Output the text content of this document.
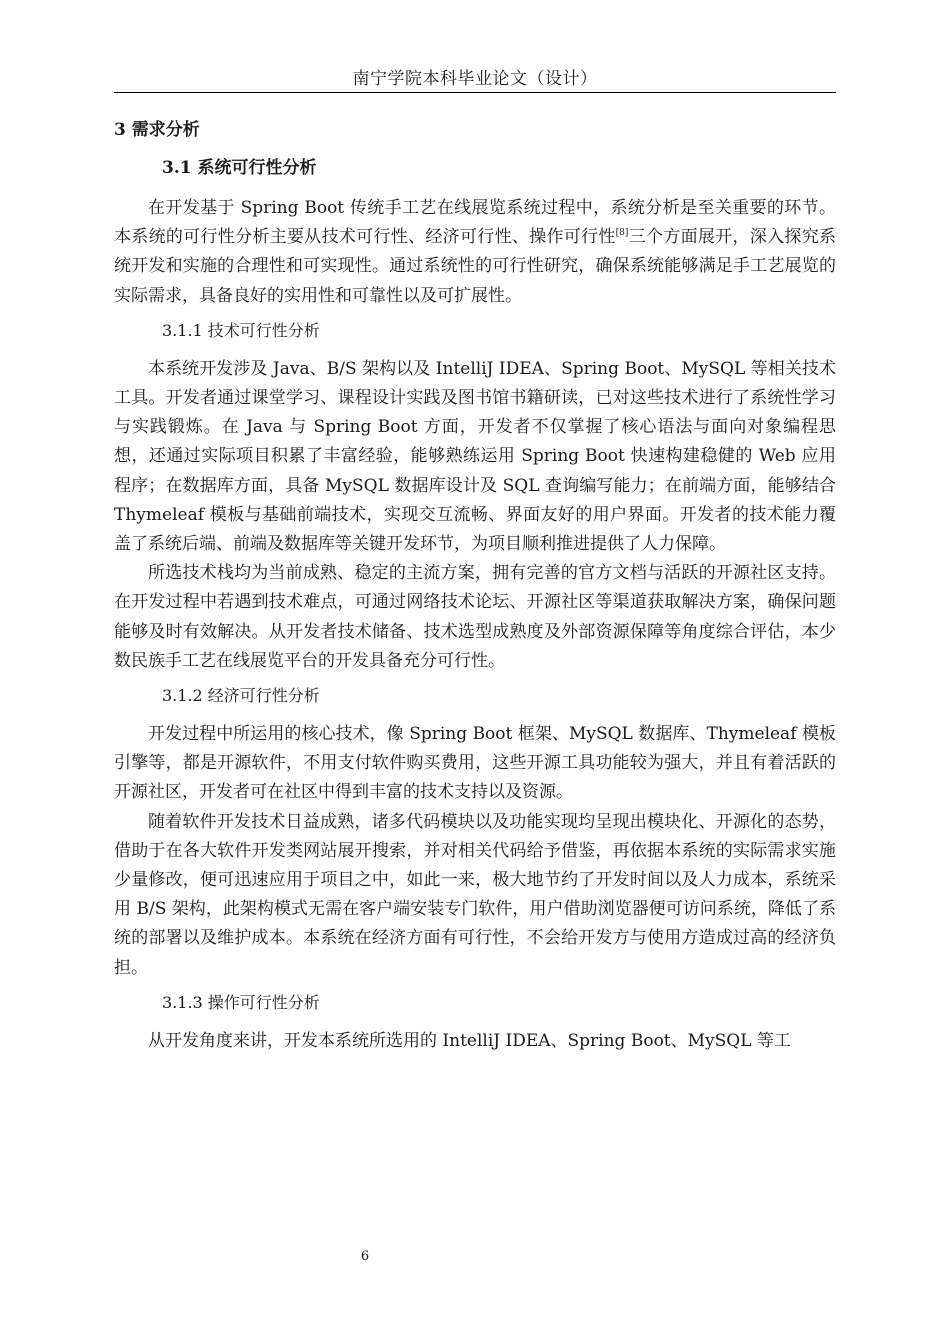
南宁学院本科毕业论文（设计）
3 需求分析
3.1 系统可行性分析

在开发基于 Spring Boot 传统手工艺在线展览系统过程中，系统分析是至关重要的环节。本系统的可行性分析主要从技术可行性、经济可行性、操作可行性[8]三个方面展开，深入探究系统开发和实施的合理性和可实现性。通过系统性的可行性研究，确保系统能够满足手工艺展览的实际需求，具备良好的实用性和可靠性以及可扩展性。

3.1.1 技术可行性分析

本系统开发涉及 Java、B/S 架构以及 IntelliJ IDEA、Spring Boot、MySQL 等相关技术工具。开发者通过课堂学习、课程设计实践及图书馆书籍研读，已对这些技术进行了系统性学习与实践锻炼。在 Java 与 Spring Boot 方面，开发者不仅掌握了核心语法与面向对象编程思想，还通过实际项目积累了丰富经验，能够熟练运用 Spring Boot 快速构建稳健的 Web 应用程序；在数据库方面，具备 MySQL 数据库设计及 SQL 查询编写能力；在前端方面，能够结合 Thymeleaf 模板与基础前端技术，实现交互流畅、界面友好的用户界面。开发者的技术能力覆盖了系统后端、前端及数据库等关键开发环节，为项目顺利推进提供了人力保障。

所选技术栈均为当前成熟、稳定的主流方案，拥有完善的官方文档与活跃的开源社区支持。在开发过程中若遇到技术难点，可通过网络技术论坛、开源社区等渠道获取解决方案，确保问题能够及时有效解决。从开发者技术储备、技术选型成熟度及外部资源保障等角度综合评估，本少数民族手工艺在线展览平台的开发具备充分可行性。

3.1.2 经济可行性分析

开发过程中所运用的核心技术，像 Spring Boot 框架、MySQL 数据库、Thymeleaf 模板引擎等，都是开源软件，不用支付软件购买费用，这些开源工具功能较为强大，并且有着活跃的开源社区，开发者可在社区中得到丰富的技术支持以及资源。

随着软件开发技术日益成熟，诸多代码模块以及功能实现均呈现出模块化、开源化的态势，借助于在各大软件开发类网站展开搜索，并对相关代码给予借鉴，再依据本系统的实际需求实施少量修改，便可迅速应用于项目之中，如此一来，极大地节约了开发时间以及人力成本，系统采用 B/S 架构，此架构模式无需在客户端安装专门软件，用户借助浏览器便可访问系统，降低了系统的部署以及维护成本。本系统在经济方面有可行性，不会给开发方与使用方造成过高的经济负担。

3.1.3 操作可行性分析

从开发角度来讲，开发本系统所选用的 IntelliJ IDEA、Spring Boot、MySQL 等工

6
